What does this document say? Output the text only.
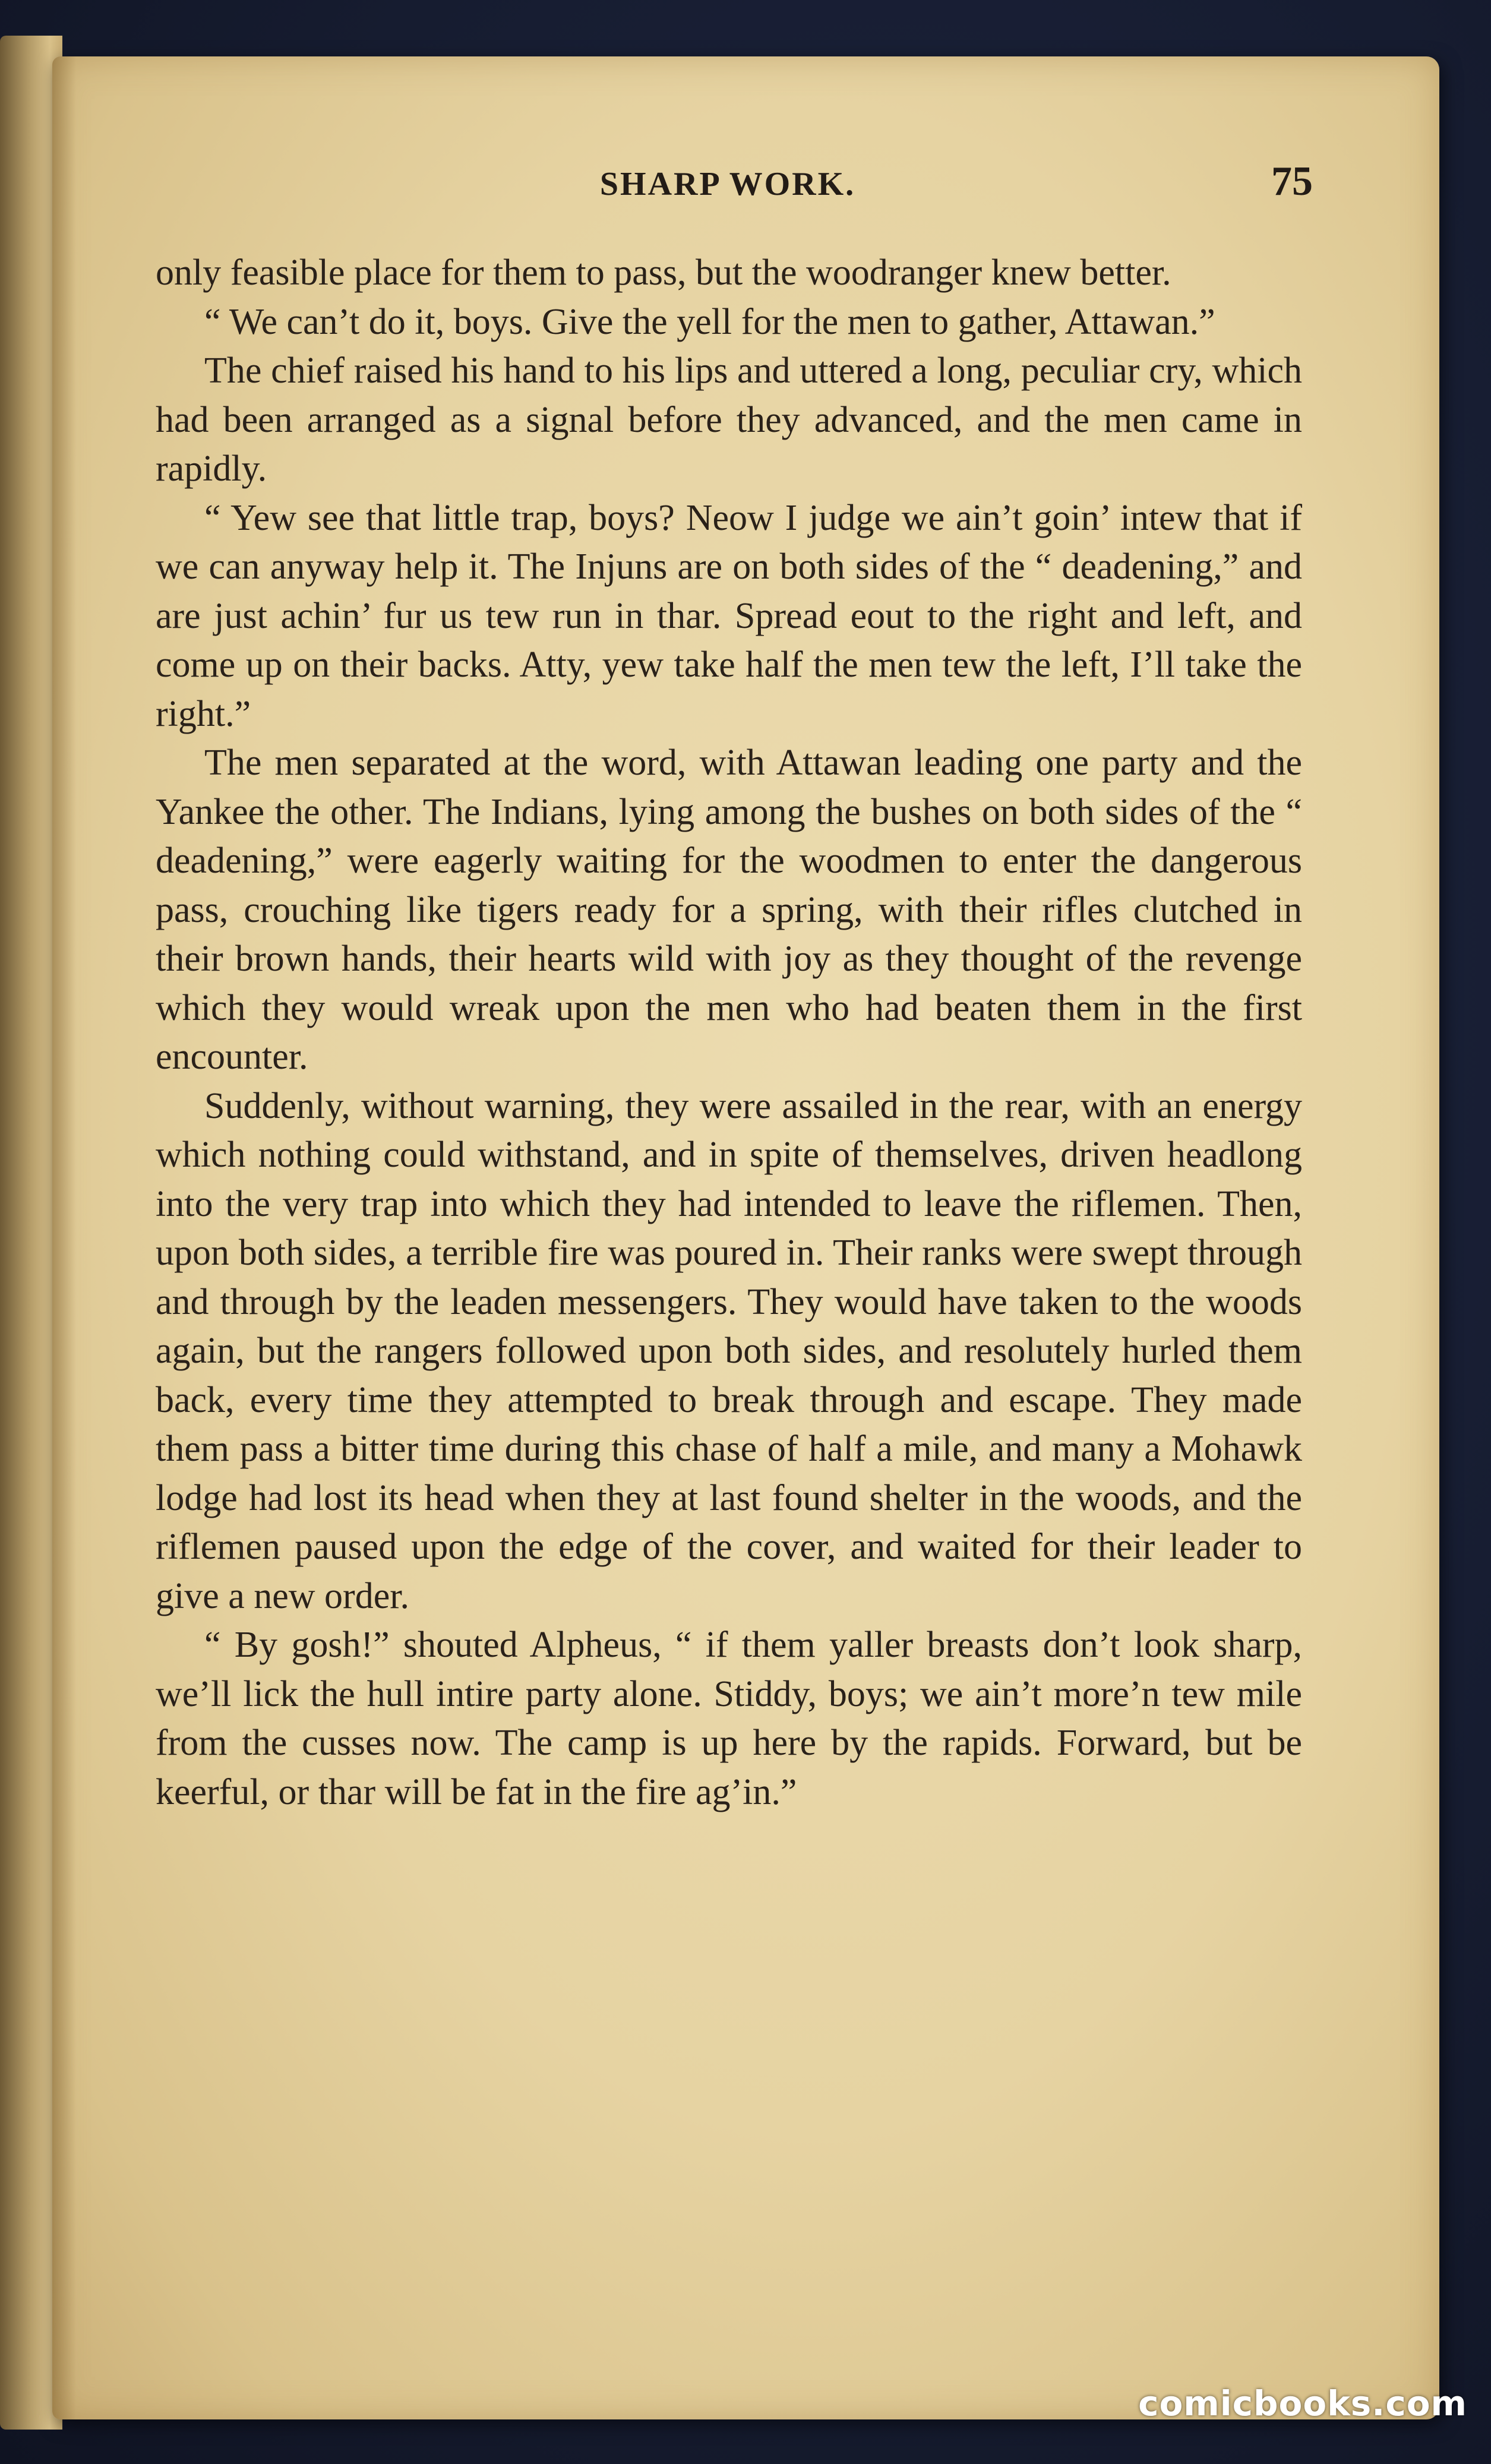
SHARP WORK.	75

only feasible place for them to pass, but the woodranger knew better.

“ We can’t do it, boys. Give the yell for the men to gather, Attawan.”

The chief raised his hand to his lips and uttered a long, peculiar cry, which had been arranged as a signal before they advanced, and the men came in rapidly.

“ Yew see that little trap, boys? Neow I judge we ain’t goin’ intew that if we can anyway help it. The Injuns are on both sides of the “ deadening,” and are just achin’ fur us tew run in thar. Spread eout to the right and left, and come up on their backs. Atty, yew take half the men tew the left, I’ll take the right.”

The men separated at the word, with Attawan leading one party and the Yankee the other. The Indians, lying among the bushes on both sides of the “ deadening,” were eagerly waiting for the woodmen to enter the dangerous pass, crouching like tigers ready for a spring, with their rifles clutched in their brown hands, their hearts wild with joy as they thought of the revenge which they would wreak upon the men who had beaten them in the first encounter.

Suddenly, without warning, they were assailed in the rear, with an energy which nothing could withstand, and in spite of themselves, driven headlong into the very trap into which they had intended to leave the riflemen. Then, upon both sides, a terrible fire was poured in. Their ranks were swept through and through by the leaden messengers. They would have taken to the woods again, but the rangers followed upon both sides, and resolutely hurled them back, every time they attempted to break through and escape. They made them pass a bitter time during this chase of half a mile, and many a Mohawk lodge had lost its head when they at last found shelter in the woods, and the riflemen paused upon the edge of the cover, and waited for their leader to give a new order.

“ By gosh!” shouted Alpheus, “ if them yaller breasts don’t look sharp, we’ll lick the hull intire party alone. Stiddy, boys; we ain’t more’n tew mile from the cusses now. The camp is up here by the rapids. Forward, but be keerful, or thar will be fat in the fire ag’in.”

comicbooks.com
